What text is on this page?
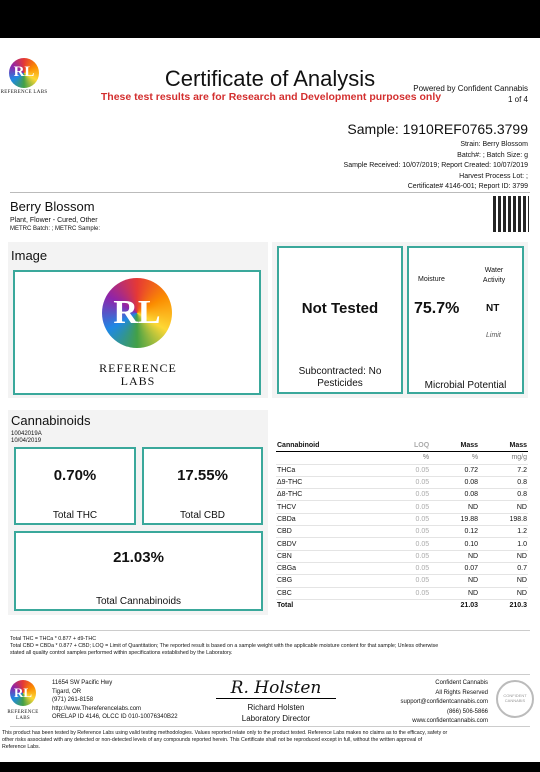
RL
REFERENCE LABS
Certificate of Analysis
These test results are for Research and Development purposes only
Powered by Confident Cannabis
1 of 4
Sample: 1910REF0765.3799
Strain: Berry Blossom
Batch#: ; Batch Size: g
Sample Received: 10/07/2019; Report Created: 10/07/2019
Harvest Process Lot: ;
Certificate# 4146-001; Report ID: 3799
Berry Blossom
Plant, Flower - Cured, Other
METRC Batch: ; METRC Sample:
Image
RL
REFERENCE
LABS
Not Tested
Subcontracted: No Pesticides
Moisture
Water
Activity
75.7%	NT
Limit
Microbial Potential
Cannabinoids
10042019A
10/04/2019
0.70%
Total THC
17.55%
Total CBD
21.03%
Total Cannabinoids
Cannabinoid	LOQ	Mass	Mass
	%	%	mg/g
THCa	0.05	0.72	7.2
Δ9-THC	0.05	0.08	0.8
Δ8-THC	0.05	0.08	0.8
THCV	0.05	ND	ND
CBDa	0.05	19.88	198.8
CBD	0.05	0.12	1.2
CBDV	0.05	0.10	1.0
CBN	0.05	ND	ND
CBGa	0.05	0.07	0.7
CBG	0.05	ND	ND
CBC	0.05	ND	ND
Total		21.03	210.3
Total THC = THCa * 0.877 + d9-THC
Total CBD = CBDa * 0.877 + CBD; LOQ = Limit of Quantitation; The reported result is based on a sample weight with the applicable moisture content for that sample; Unless otherwise
stated all quality control samples performed within specifications established by the Laboratory.
RL
REFERENCE LABS
11654 SW Pacific Hwy
Tigard, OR
(971) 261-8158
http://www.Thereferencelabs.com
ORELAP ID 4146, OLCC ID 010-10076340B22
R. Holsten
Richard Holsten
Laboratory Director
Confident Cannabis
All Rights Reserved
support@confidentcannabis.com
(866) 506-5866
www.confidentcannabis.com
CONFIDENT CANNABIS
This product has been tested by Reference Labs using valid testing methodologies. Values reported relate only to the product tested. Reference Labs makes no claims as to the efficacy, safety or
other risks associated with any detected or non-detected levels of any compounds reported herein. This Certificate shall not be reproduced except in full, without the written approval of
Reference Labs.
